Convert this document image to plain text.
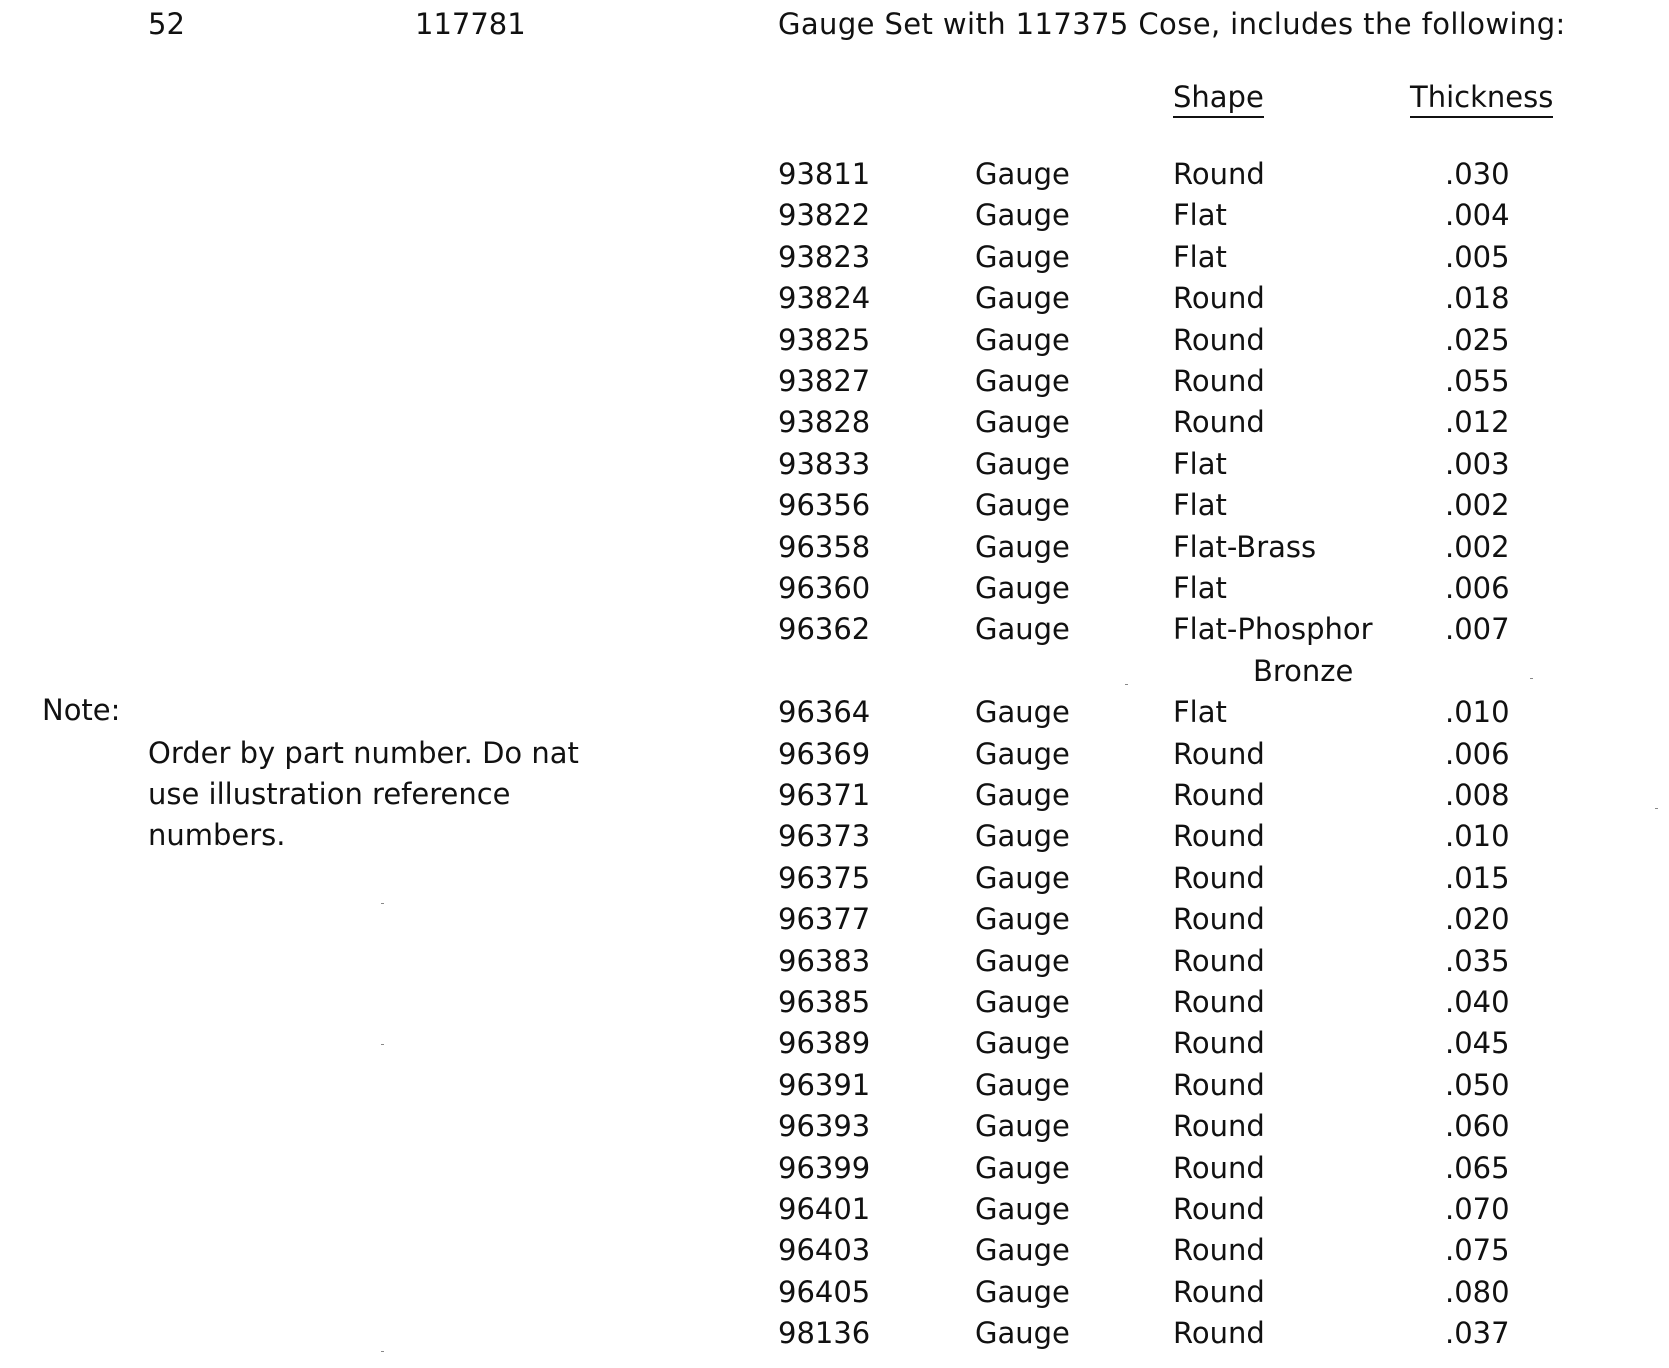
52	117781	Gauge Set with 117375 Cose, includes the following:
Shape	Thickness
93811	Gauge	Round	.030
93822	Gauge	Flat	.004
93823	Gauge	Flat	.005
93824	Gauge	Round	.018
93825	Gauge	Round	.025
93827	Gauge	Round	.055
93828	Gauge	Round	.012
93833	Gauge	Flat	.003
96356	Gauge	Flat	.002
96358	Gauge	Flat-Brass	.002
96360	Gauge	Flat	.006
96362	Gauge	Flat-Phosphor .007
Bronze
96364	Gauge	Flat	.010
96369	Gauge	Round	.006
96371	Gauge	Round	.008
96373	Gauge	Round	.010
96375	Gauge	Round	.015
96377	Gauge	Round	.020
96383	Gauge	Round	.035
96385	Gauge	Round	.040
96389	Gauge	Round	.045
96391	Gauge	Round	.050
96393	Gauge	Round	.060
96399	Gauge	Round	.065
96401	Gauge	Round	.070
96403	Gauge	Round	.075
96405	Gauge	Round	.080
98136	Gauge	Round	.037
Note:
Order by part number. Do nat use illustration reference numbers.
